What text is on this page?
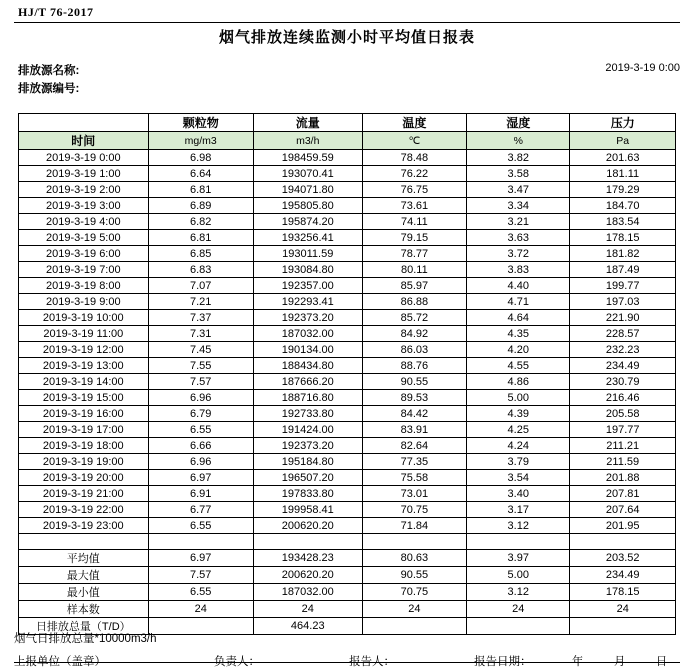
HJ/T 76-2017
烟气排放连续监测小时平均值日报表
排放源名称:
排放源编号:
2019-3-19 0:00
	颗粒物	流量	温度	湿度	压力
时间	mg/m3	m3/h	℃	%	Pa
2019-3-19 0:00	6.98	198459.59	78.48	3.82	201.63
2019-3-19 1:00	6.64	193070.41	76.22	3.58	181.11
2019-3-19 2:00	6.81	194071.80	76.75	3.47	179.29
2019-3-19 3:00	6.89	195805.80	73.61	3.34	184.70
2019-3-19 4:00	6.82	195874.20	74.11	3.21	183.54
2019-3-19 5:00	6.81	193256.41	79.15	3.63	178.15
2019-3-19 6:00	6.85	193011.59	78.77	3.72	181.82
2019-3-19 7:00	6.83	193084.80	80.11	3.83	187.49
2019-3-19 8:00	7.07	192357.00	85.97	4.40	199.77
2019-3-19 9:00	7.21	192293.41	86.88	4.71	197.03
2019-3-19 10:00	7.37	192373.20	85.72	4.64	221.90
2019-3-19 11:00	7.31	187032.00	84.92	4.35	228.57
2019-3-19 12:00	7.45	190134.00	86.03	4.20	232.23
2019-3-19 13:00	7.55	188434.80	88.76	4.55	234.49
2019-3-19 14:00	7.57	187666.20	90.55	4.86	230.79
2019-3-19 15:00	6.96	188716.80	89.53	5.00	216.46
2019-3-19 16:00	6.79	192733.80	84.42	4.39	205.58
2019-3-19 17:00	6.55	191424.00	83.91	4.25	197.77
2019-3-19 18:00	6.66	192373.20	82.64	4.24	211.21
2019-3-19 19:00	6.96	195184.80	77.35	3.79	211.59
2019-3-19 20:00	6.97	196507.20	75.58	3.54	201.88
2019-3-19 21:00	6.91	197833.80	73.01	3.40	207.81
2019-3-19 22:00	6.77	199958.41	70.75	3.17	207.64
2019-3-19 23:00	6.55	200620.20	71.84	3.12	201.95

平均值	6.97	193428.23	80.63	3.97	203.52
最大值	7.57	200620.20	90.55	5.00	234.49
最小值	6.55	187032.00	70.75	3.12	178.15
样本数	24	24	24	24	24
日排放总量（T/D）		464.23			
烟气日排放总量*10000m3/h
上报单位（盖章）	负责人：	报告人：	报告日期：	年	月	日
